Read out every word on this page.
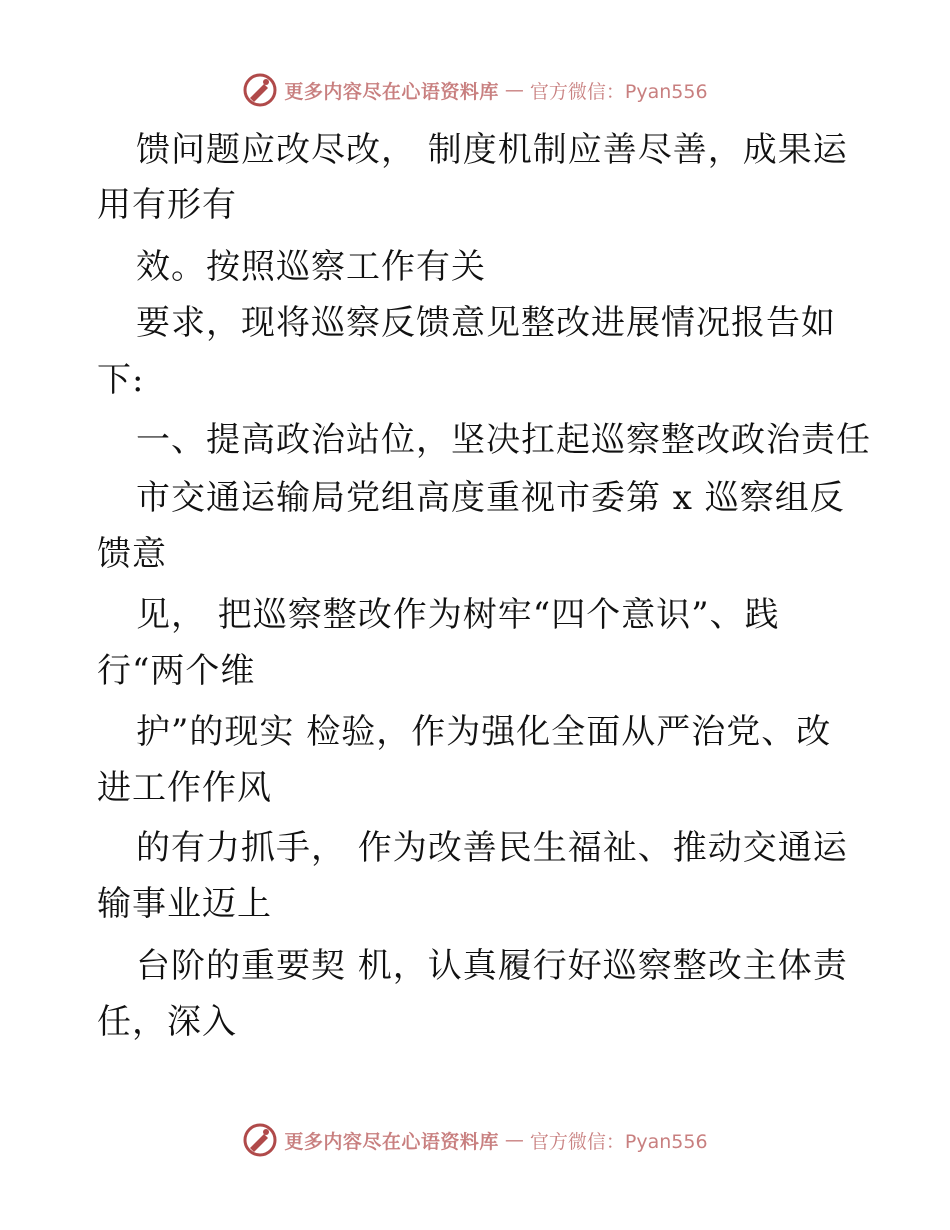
更多内容尽在心语资料库 — 官方微信：Pyan556
馈问题应改尽改， 制度机制应善尽善，成果运
用有形有
效。按照巡察工作有关
要求，现将巡察反馈意见整改进展情况报告如
下:
一、提高政治站位，坚决扛起巡察整改政治责任
市交通运输局党组高度重视市委第 x 巡察组反
馈意
见， 把巡察整改作为树牢“四个意识”、践
行“两个维
护”的现实 检验，作为强化全面从严治党、改
进工作作风
的有力抓手， 作为改善民生福祉、推动交通运
输事业迈上
台阶的重要契 机，认真履行好巡察整改主体责
任，深入
更多内容尽在心语资料库 — 官方微信：Pyan556
